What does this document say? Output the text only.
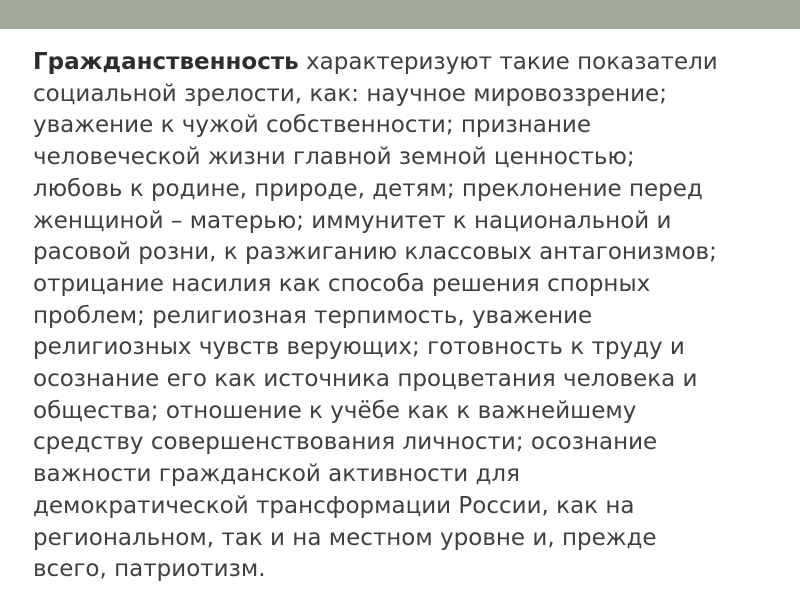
Гражданственность характеризуют такие показатели
социальной зрелости, как: научное мировоззрение;
уважение к чужой собственности; признание
человеческой жизни главной земной ценностью;
любовь к родине, природе, детям; преклонение перед
женщиной – матерью; иммунитет к национальной и
расовой розни, к разжиганию классовых антагонизмов;
отрицание насилия как способа решения спорных
проблем; религиозная терпимость, уважение
религиозных чувств верующих; готовность к труду и
осознание его как источника процветания человека и
общества; отношение к учёбе как к важнейшему
средству совершенствования личности; осознание
важности гражданской активности для
демократической трансформации России, как на
региональном, так и на местном уровне и, прежде
всего, патриотизм.
